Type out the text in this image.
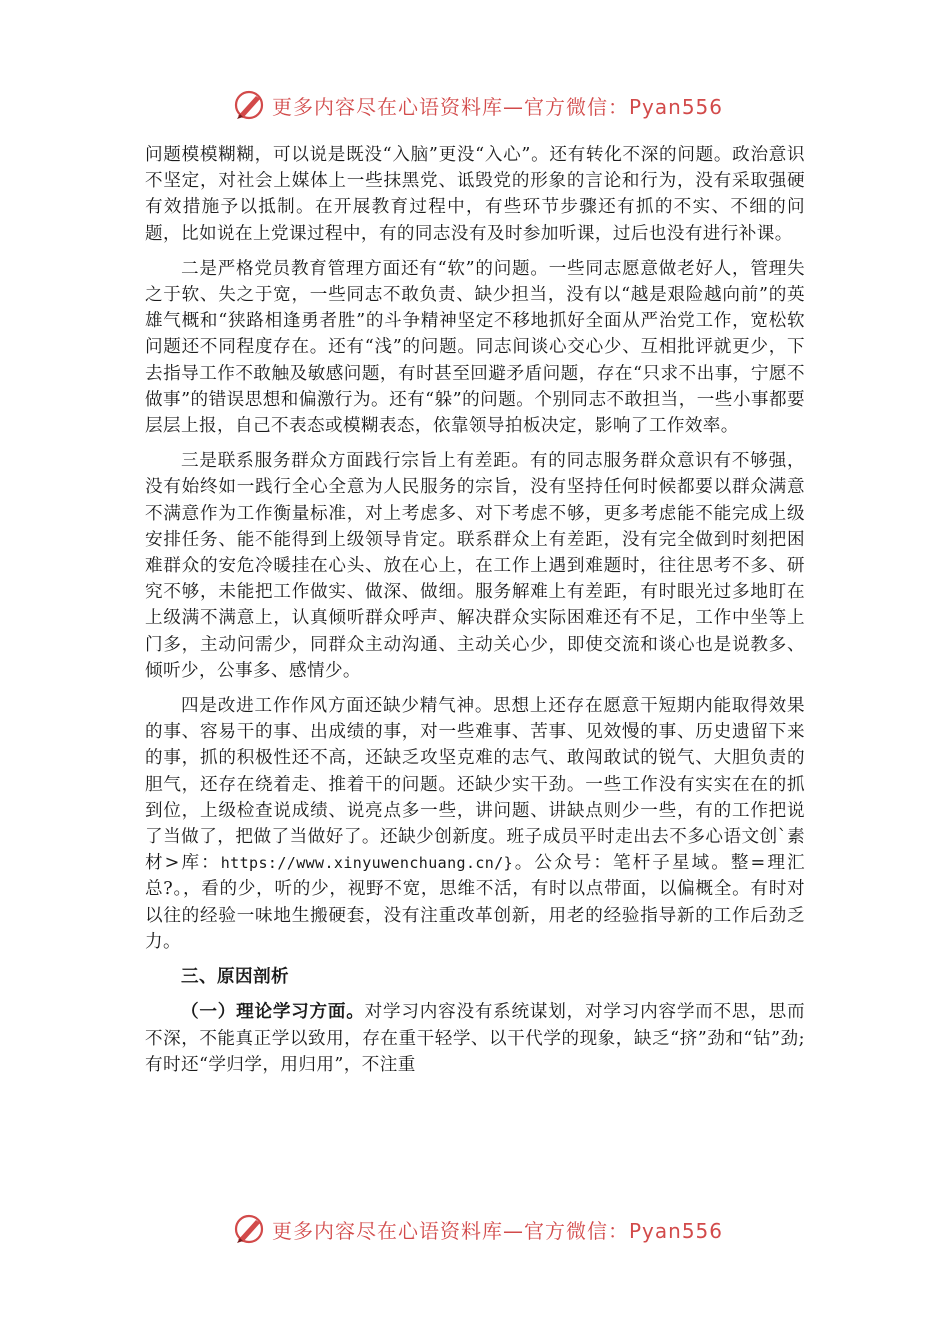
更多内容尽在心语资料库—官方微信：Pyan556

问题模模糊糊，可以说是既没“入脑”更没“入心”。还有转化不深的问题。政治意识不坚定，对社会上媒体上一些抹黑党、诋毁党的形象的言论和行为，没有采取强硬有效措施予以抵制。在开展教育过程中，有些环节步骤还有抓的不实、不细的问题，比如说在上党课过程中，有的同志没有及时参加听课，过后也没有进行补课。

二是严格党员教育管理方面还有“软”的问题。一些同志愿意做老好人，管理失之于软、失之于宽，一些同志不敢负责、缺少担当，没有以“越是艰险越向前”的英雄气概和“狭路相逢勇者胜”的斗争精神坚定不移地抓好全面从严治党工作，宽松软问题还不同程度存在。还有“浅”的问题。同志间谈心交心少、互相批评就更少，下去指导工作不敢触及敏感问题，有时甚至回避矛盾问题，存在“只求不出事，宁愿不做事”的错误思想和偏激行为。还有“躲”的问题。个别同志不敢担当，一些小事都要层层上报，自己不表态或模糊表态，依靠领导拍板决定，影响了工作效率。

三是联系服务群众方面践行宗旨上有差距。有的同志服务群众意识有不够强，没有始终如一践行全心全意为人民服务的宗旨，没有坚持任何时候都要以群众满意不满意作为工作衡量标准，对上考虑多、对下考虑不够，更多考虑能不能完成上级安排任务、能不能得到上级领导肯定。联系群众上有差距，没有完全做到时刻把困难群众的安危冷暖挂在心头、放在心上，在工作上遇到难题时，往往思考不多、研究不够，未能把工作做实、做深、做细。服务解难上有差距，有时眼光过多地盯在上级满不满意上，认真倾听群众呼声、解决群众实际困难还有不足，工作中坐等上门多，主动问需少，同群众主动沟通、主动关心少，即使交流和谈心也是说教多、倾听少，公事多、感情少。

四是改进工作作风方面还缺少精气神。思想上还存在愿意干短期内能取得效果的事、容易干的事、出成绩的事，对一些难事、苦事、见效慢的事、历史遗留下来的事，抓的积极性还不高，还缺乏攻坚克难的志气、敢闯敢试的锐气、大胆负责的胆气，还存在绕着走、推着干的问题。还缺少实干劲。一些工作没有实实在在的抓到位，上级检查说成绩、说亮点多一些，讲问题、讲缺点则少一些，有的工作把说了当做了，把做了当做好了。还缺少创新度。班子成员平时走出去不多心语文创`素材>库：https://www.xinyuwenchuang.cn/}。公众号：笔杆子星域。整=理汇总?。，看的少，听的少，视野不宽，思维不活，有时以点带面，以偏概全。有时对以往的经验一味地生搬硬套，没有注重改革创新，用老的经验指导新的工作后劲乏力。

三、原因剖析

（一）理论学习方面。对学习内容没有系统谋划，对学习内容学而不思，思而不深，不能真正学以致用，存在重干轻学、以干代学的现象，缺乏“挤”劲和“钻”劲;有时还“学归学，用归用”，不注重

更多内容尽在心语资料库—官方微信：Pyan556
